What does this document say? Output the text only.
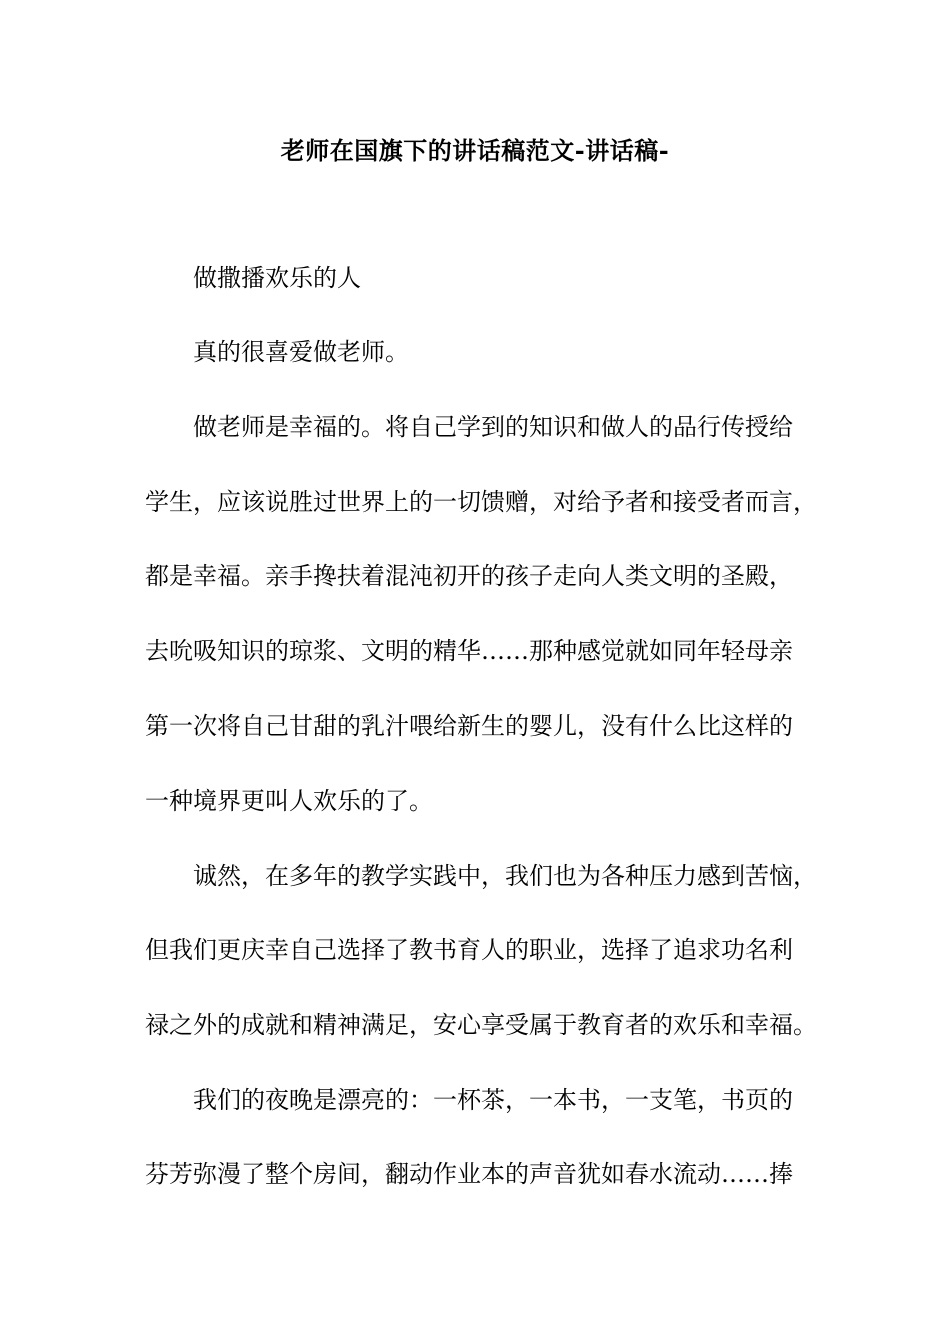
老师在国旗下的讲话稿范文-讲话稿-

做撒播欢乐的人

真的很喜爱做老师。

做老师是幸福的。将自己学到的知识和做人的品行传授给

学生，应该说胜过世界上的一切馈赠，对给予者和接受者而言，

都是幸福。亲手搀扶着混沌初开的孩子走向人类文明的圣殿，

去吮吸知识的琼浆、文明的精华……那种感觉就如同年轻母亲

第一次将自己甘甜的乳汁喂给新生的婴儿，没有什么比这样的

一种境界更叫人欢乐的了。

诚然，在多年的教学实践中，我们也为各种压力感到苦恼，

但我们更庆幸自己选择了教书育人的职业，选择了追求功名利

禄之外的成就和精神满足，安心享受属于教育者的欢乐和幸福。

我们的夜晚是漂亮的：一杯茶，一本书，一支笔，书页的

芬芳弥漫了整个房间，翻动作业本的声音犹如春水流动……捧
